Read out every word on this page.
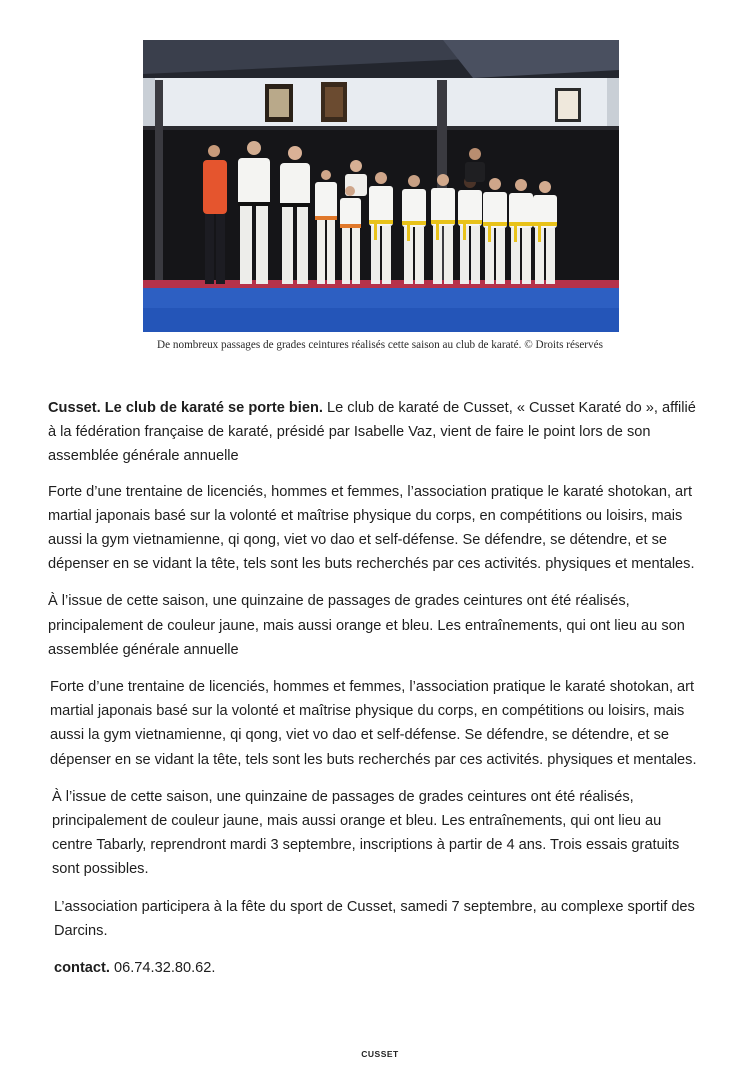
De nombreux passages de grades ceintures réalisés cette saison au club de karaté. © Droits réservés

Cusset. Le club de karaté se porte bien. Le club de karaté de Cusset, « Cusset Karaté do », affilié à la fédération française de karaté, présidé par Isabelle Vaz, vient de faire le point lors de son assemblée générale annuelle

Forte d’une trentaine de licenciés, hommes et femmes, l’association pratique le karaté shotokan, art martial japonais basé sur la volonté et maîtrise physique du corps, en compétitions ou loisirs, mais aussi la gym vietnamienne, qi qong, viet vo dao et self-défense. Se défendre, se détendre, et se dépenser en se vidant la tête, tels sont les buts recherchés par ces activités. physiques et mentales.

À l’issue de cette saison, une quinzaine de passages de grades ceintures ont été réalisés, principalement de couleur jaune, mais aussi orange et bleu. Les entraînements, qui ont lieu au son assemblée générale annuelle

Forte d’une trentaine de licenciés, hommes et femmes, l’association pratique le karaté shotokan, art martial japonais basé sur la volonté et maîtrise physique du corps, en compétitions ou loisirs, mais aussi la gym vietnamienne, qi qong, viet vo dao et self-défense. Se défendre, se détendre, et se dépenser en se vidant la tête, tels sont les buts recherchés par ces activités. physiques et mentales.

À l’issue de cette saison, une quinzaine de passages de grades ceintures ont été réalisés, principalement de couleur jaune, mais aussi orange et bleu. Les entraînements, qui ont lieu au centre Tabarly, reprendront mardi 3 septembre, inscriptions à partir de 4 ans. Trois essais gratuits sont possibles.

L’association participera à la fête du sport de Cusset, samedi 7 septembre, au complexe sportif des Darcins.

contact. 06.74.32.80.62.

CUSSET
